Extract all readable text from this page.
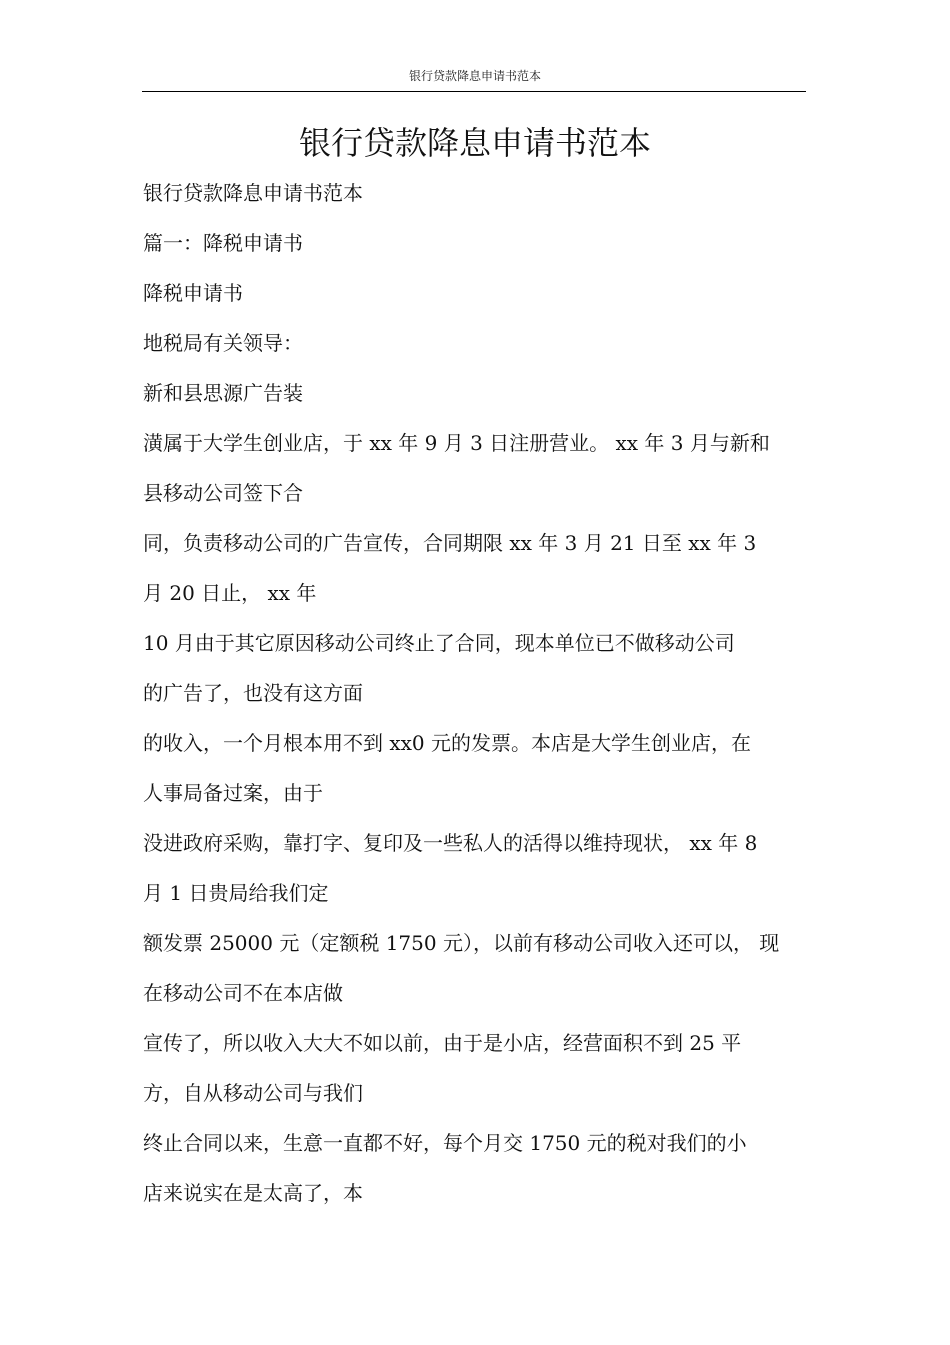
银行贷款降息申请书范本
银行贷款降息申请书范本
银行贷款降息申请书范本
篇一：降税申请书
降税申请书
地税局有关领导：
新和县思源广告装
潢属于大学生创业店，于 xx 年 9 月 3 日注册营业。 xx 年 3 月与新和
县移动公司签下合
同，负责移动公司的广告宣传，合同期限 xx 年 3 月 21 日至 xx 年 3
月 20 日止， xx 年
10 月由于其它原因移动公司终止了合同，现本单位已不做移动公司
的广告了，也没有这方面
的收入，一个月根本用不到 xx0 元的发票。本店是大学生创业店，在
人事局备过案，由于
没进政府采购，靠打字、复印及一些私人的活得以维持现状， xx 年 8
月 1 日贵局给我们定
额发票 25000 元（定额税 1750 元），以前有移动公司收入还可以， 现
在移动公司不在本店做
宣传了，所以收入大大不如以前，由于是小店，经营面积不到 25 平
方，自从移动公司与我们
终止合同以来，生意一直都不好，每个月交 1750 元的税对我们的小
店来说实在是太高了，本
